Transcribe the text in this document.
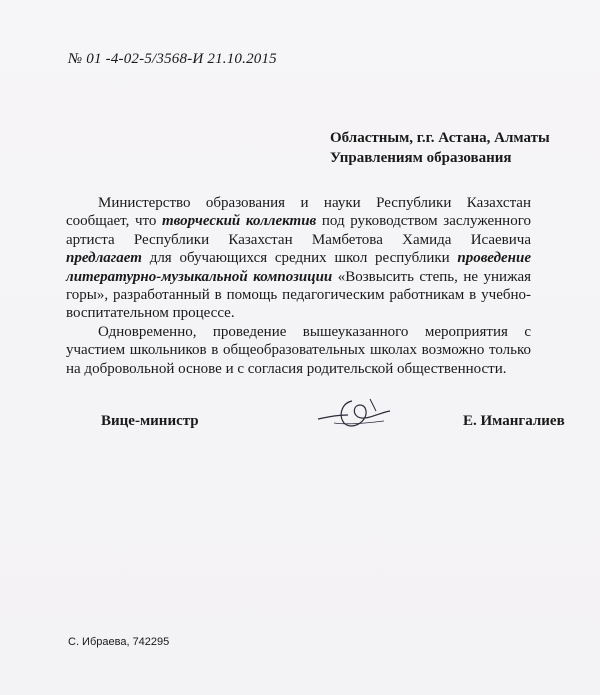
№ 01 -4-02-5/3568-И 21.10.2015
Областным, г.г. Астана, Алматы
Управлениям образования

Министерство образования и науки Республики Казахстан сообщает, что творческий коллектив под руководством заслуженного артиста Республики Казахстан Мамбетова Хамида Исаевича предлагает для обучающихся средних школ республики проведение литературно-музыкальной композиции «Возвысить степь, не унижая горы», разработанный в помощь педагогическим работникам в учебно-воспитательном процессе.

Одновременно, проведение вышеуказанного мероприятия с участием школьников в общеобразовательных школах возможно только на добровольной основе и с согласия родительской общественности.

Вице-министр	Е. Имангалиев
С. Ибраева, 742295
